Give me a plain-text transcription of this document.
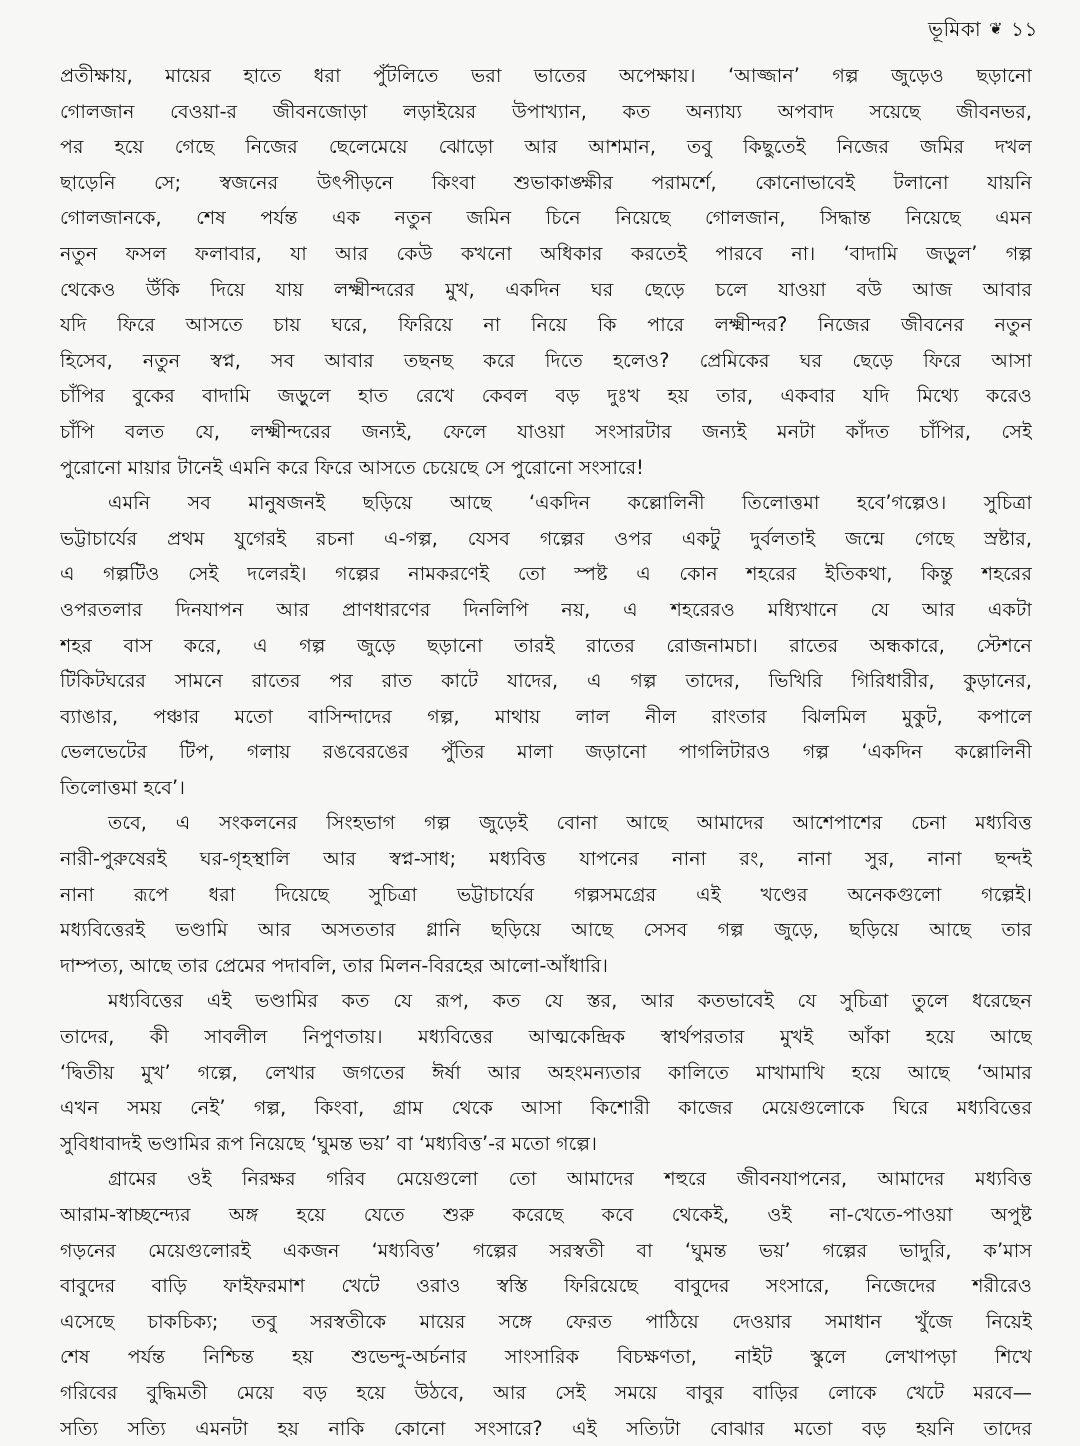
ভূমিকা ❦ ১১
প্রতীক্ষায়, মায়ের হাতে ধরা পুঁটলিতে ভরা ভাতের অপেক্ষায়। ‘আজ্জান’ গল্প জুড়েও ছড়ানো
গোলজান বেওয়া-র জীবনজোড়া লড়াইয়ের উপাখ্যান, কত অন্যায্য অপবাদ সয়েছে জীবনভর,
পর হয়ে গেছে নিজের ছেলেমেয়ে ঝোড়ো আর আশমান, তবু কিছুতেই নিজের জমির দখল
ছাড়েনি সে; স্বজনের উৎপীড়নে কিংবা শুভাকাঙ্ক্ষীর পরামর্শে, কোনোভাবেই টলানো যায়নি
গোলজানকে, শেষ পর্যন্ত এক নতুন জমিন চিনে নিয়েছে গোলজান, সিদ্ধান্ত নিয়েছে এমন
নতুন ফসল ফলাবার, যা আর কেউ কখনো অধিকার করতেই পারবে না। ‘বাদামি জড়ুল’ গল্প
থেকেও উঁকি দিয়ে যায় লক্ষ্মীন্দরের মুখ, একদিন ঘর ছেড়ে চলে যাওয়া বউ আজ আবার
যদি ফিরে আসতে চায় ঘরে, ফিরিয়ে না নিয়ে কি পারে লক্ষ্মীন্দর? নিজের জীবনের নতুন
হিসেব, নতুন স্বপ্ন, সব আবার তছনছ করে দিতে হলেও? প্রেমিকের ঘর ছেড়ে ফিরে আসা
চাঁপির বুকের বাদামি জড়ুলে হাত রেখে কেবল বড় দুঃখ হয় তার, একবার যদি মিথ্যে করেও
চাঁপি বলত যে, লক্ষ্মীন্দরের জন্যই, ফেলে যাওয়া সংসারটার জন্যই মনটা কাঁদত চাঁপির, সেই
পুরোনো মায়ার টানেই এমনি করে ফিরে আসতে চেয়েছে সে পুরোনো সংসারে!
এমনি সব মানুষজনই ছড়িয়ে আছে ‘একদিন কল্লোলিনী তিলোত্তমা হবে’গল্পেও। সুচিত্রা
ভট্টাচার্যের প্রথম যুগেরই রচনা এ-গল্প, যেসব গল্পের ওপর একটু দুর্বলতাই জন্মে গেছে স্রষ্টার,
এ গল্পটিও সেই দলেরই। গল্পের নামকরণেই তো স্পষ্ট এ কোন শহরের ইতিকথা, কিন্তু শহরের
ওপরতলার দিনযাপন আর প্রাণধারণের দিনলিপি নয়, এ শহরেরও মধ্যিখানে যে আর একটা
শহর বাস করে, এ গল্প জুড়ে ছড়ানো তারই রাতের রোজনামচা। রাতের অন্ধকারে, স্টেশনে
টিকিটঘরের সামনে রাতের পর রাত কাটে যাদের, এ গল্প তাদের, ভিখিরি গিরিধারীর, কুড়ানের,
ব্যাঙার, পঞ্চার মতো বাসিন্দাদের গল্প, মাথায় লাল নীল রাংতার ঝিলমিল মুকুট, কপালে
ভেলভেটের টিপ, গলায় রঙবেরঙের পুঁতির মালা জড়ানো পাগলিটারও গল্প ‘একদিন কল্লোলিনী
তিলোত্তমা হবে’।
তবে, এ সংকলনের সিংহভাগ গল্প জুড়েই বোনা আছে আমাদের আশেপাশের চেনা মধ্যবিত্ত
নারী-পুরুষেরই ঘর-গৃহস্থালি আর স্বপ্ন-সাধ; মধ্যবিত্ত যাপনের নানা রং, নানা সুর, নানা ছন্দই
নানা রূপে ধরা দিয়েছে সুচিত্রা ভট্টাচার্যের গল্পসমগ্রের এই খণ্ডের অনেকগুলো গল্পেই।
মধ্যবিত্তেরই ভণ্ডামি আর অসততার গ্লানি ছড়িয়ে আছে সেসব গল্প জুড়ে, ছড়িয়ে আছে তার
দাম্পত্য, আছে তার প্রেমের পদাবলি, তার মিলন-বিরহের আলো-আঁধারি।
মধ্যবিত্তের এই ভণ্ডামির কত যে রূপ, কত যে স্তর, আর কতভাবেই যে সুচিত্রা তুলে ধরেছেন
তাদের, কী সাবলীল নিপুণতায়। মধ্যবিত্তের আত্মকেন্দ্রিক স্বার্থপরতার মুখই আঁকা হয়ে আছে
‘দ্বিতীয় মুখ’ গল্পে, লেখার জগতের ঈর্ষা আর অহংমন্যতার কালিতে মাখামাখি হয়ে আছে ‘আমার
এখন সময় নেই’ গল্প, কিংবা, গ্রাম থেকে আসা কিশোরী কাজের মেয়েগুলোকে ঘিরে মধ্যবিত্তের
সুবিধাবাদই ভণ্ডামির রূপ নিয়েছে ‘ঘুমন্ত ভয়’ বা ‘মধ্যবিত্ত’-র মতো গল্পে।
গ্রামের ওই নিরক্ষর গরিব মেয়েগুলো তো আমাদের শহুরে জীবনযাপনের, আমাদের মধ্যবিত্ত
আরাম-স্বাচ্ছন্দ্যের অঙ্গ হয়ে যেতে শুরু করেছে কবে থেকেই, ওই না-খেতে-পাওয়া অপুষ্ট
গড়নের মেয়েগুলোরই একজন ‘মধ্যবিত্ত’ গল্পের সরস্বতী বা ‘ঘুমন্ত ভয়’ গল্পের ভাদুরি, ক’মাস
বাবুদের বাড়ি ফাইফরমাশ খেটে ওরাও স্বস্তি ফিরিয়েছে বাবুদের সংসারে, নিজেদের শরীরেও
এসেছে চাকচিক্য; তবু সরস্বতীকে মায়ের সঙ্গে ফেরত পাঠিয়ে দেওয়ার সমাধান খুঁজে নিয়েই
শেষ পর্যন্ত নিশ্চিন্ত হয় শুভেন্দু-অর্চনার সাংসারিক বিচক্ষণতা, নাইট স্কুলে লেখাপড়া শিখে
গরিবের বুদ্ধিমতী মেয়ে বড় হয়ে উঠবে, আর সেই সময়ে বাবুর বাড়ির লোকে খেটে মরবে—
সত্যি সত্যি এমনটা হয় নাকি কোনো সংসারে? এই সত্যিটা বোঝার মতো বড় হয়নি তাদের
